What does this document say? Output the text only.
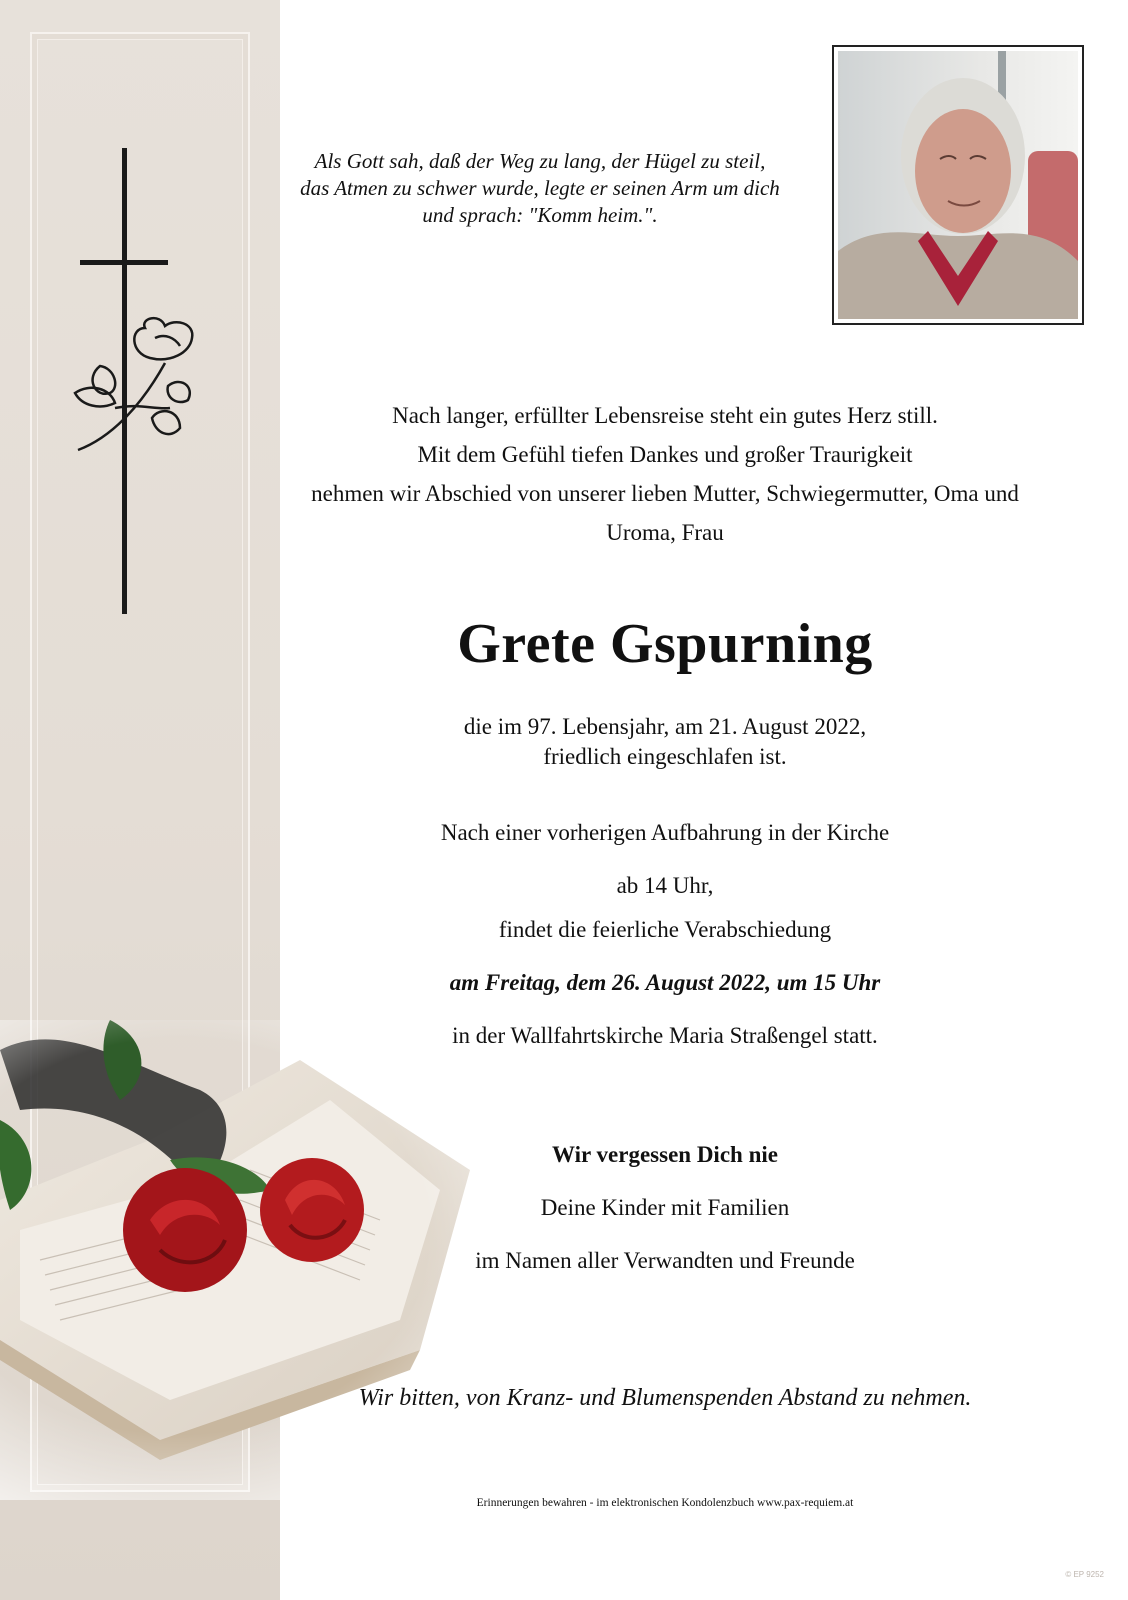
Als Gott sah, daß der Weg zu lang, der Hügel zu steil,
das Atmen zu schwer wurde, legte er seinen Arm um dich
und sprach: "Komm heim.".
Nach langer, erfüllter Lebensreise steht ein gutes Herz still.
Mit dem Gefühl tiefen Dankes und großer Traurigkeit
nehmen wir Abschied von unserer lieben Mutter, Schwiegermutter, Oma und
Uroma, Frau
Grete Gspurning
die im 97. Lebensjahr, am 21. August 2022,
friedlich eingeschlafen ist.
Nach einer vorherigen Aufbahrung in der Kirche
ab 14 Uhr,
findet die feierliche Verabschiedung
am Freitag, dem 26. August 2022, um 15 Uhr
in der Wallfahrtskirche Maria Straßengel statt.
Wir vergessen Dich nie
Deine Kinder mit Familien
im Namen aller Verwandten und Freunde
Wir bitten, von Kranz- und Blumenspenden Abstand zu nehmen.
Erinnerungen bewahren - im elektronischen Kondolenzbuch www.pax-requiem.at
© EP 9252
